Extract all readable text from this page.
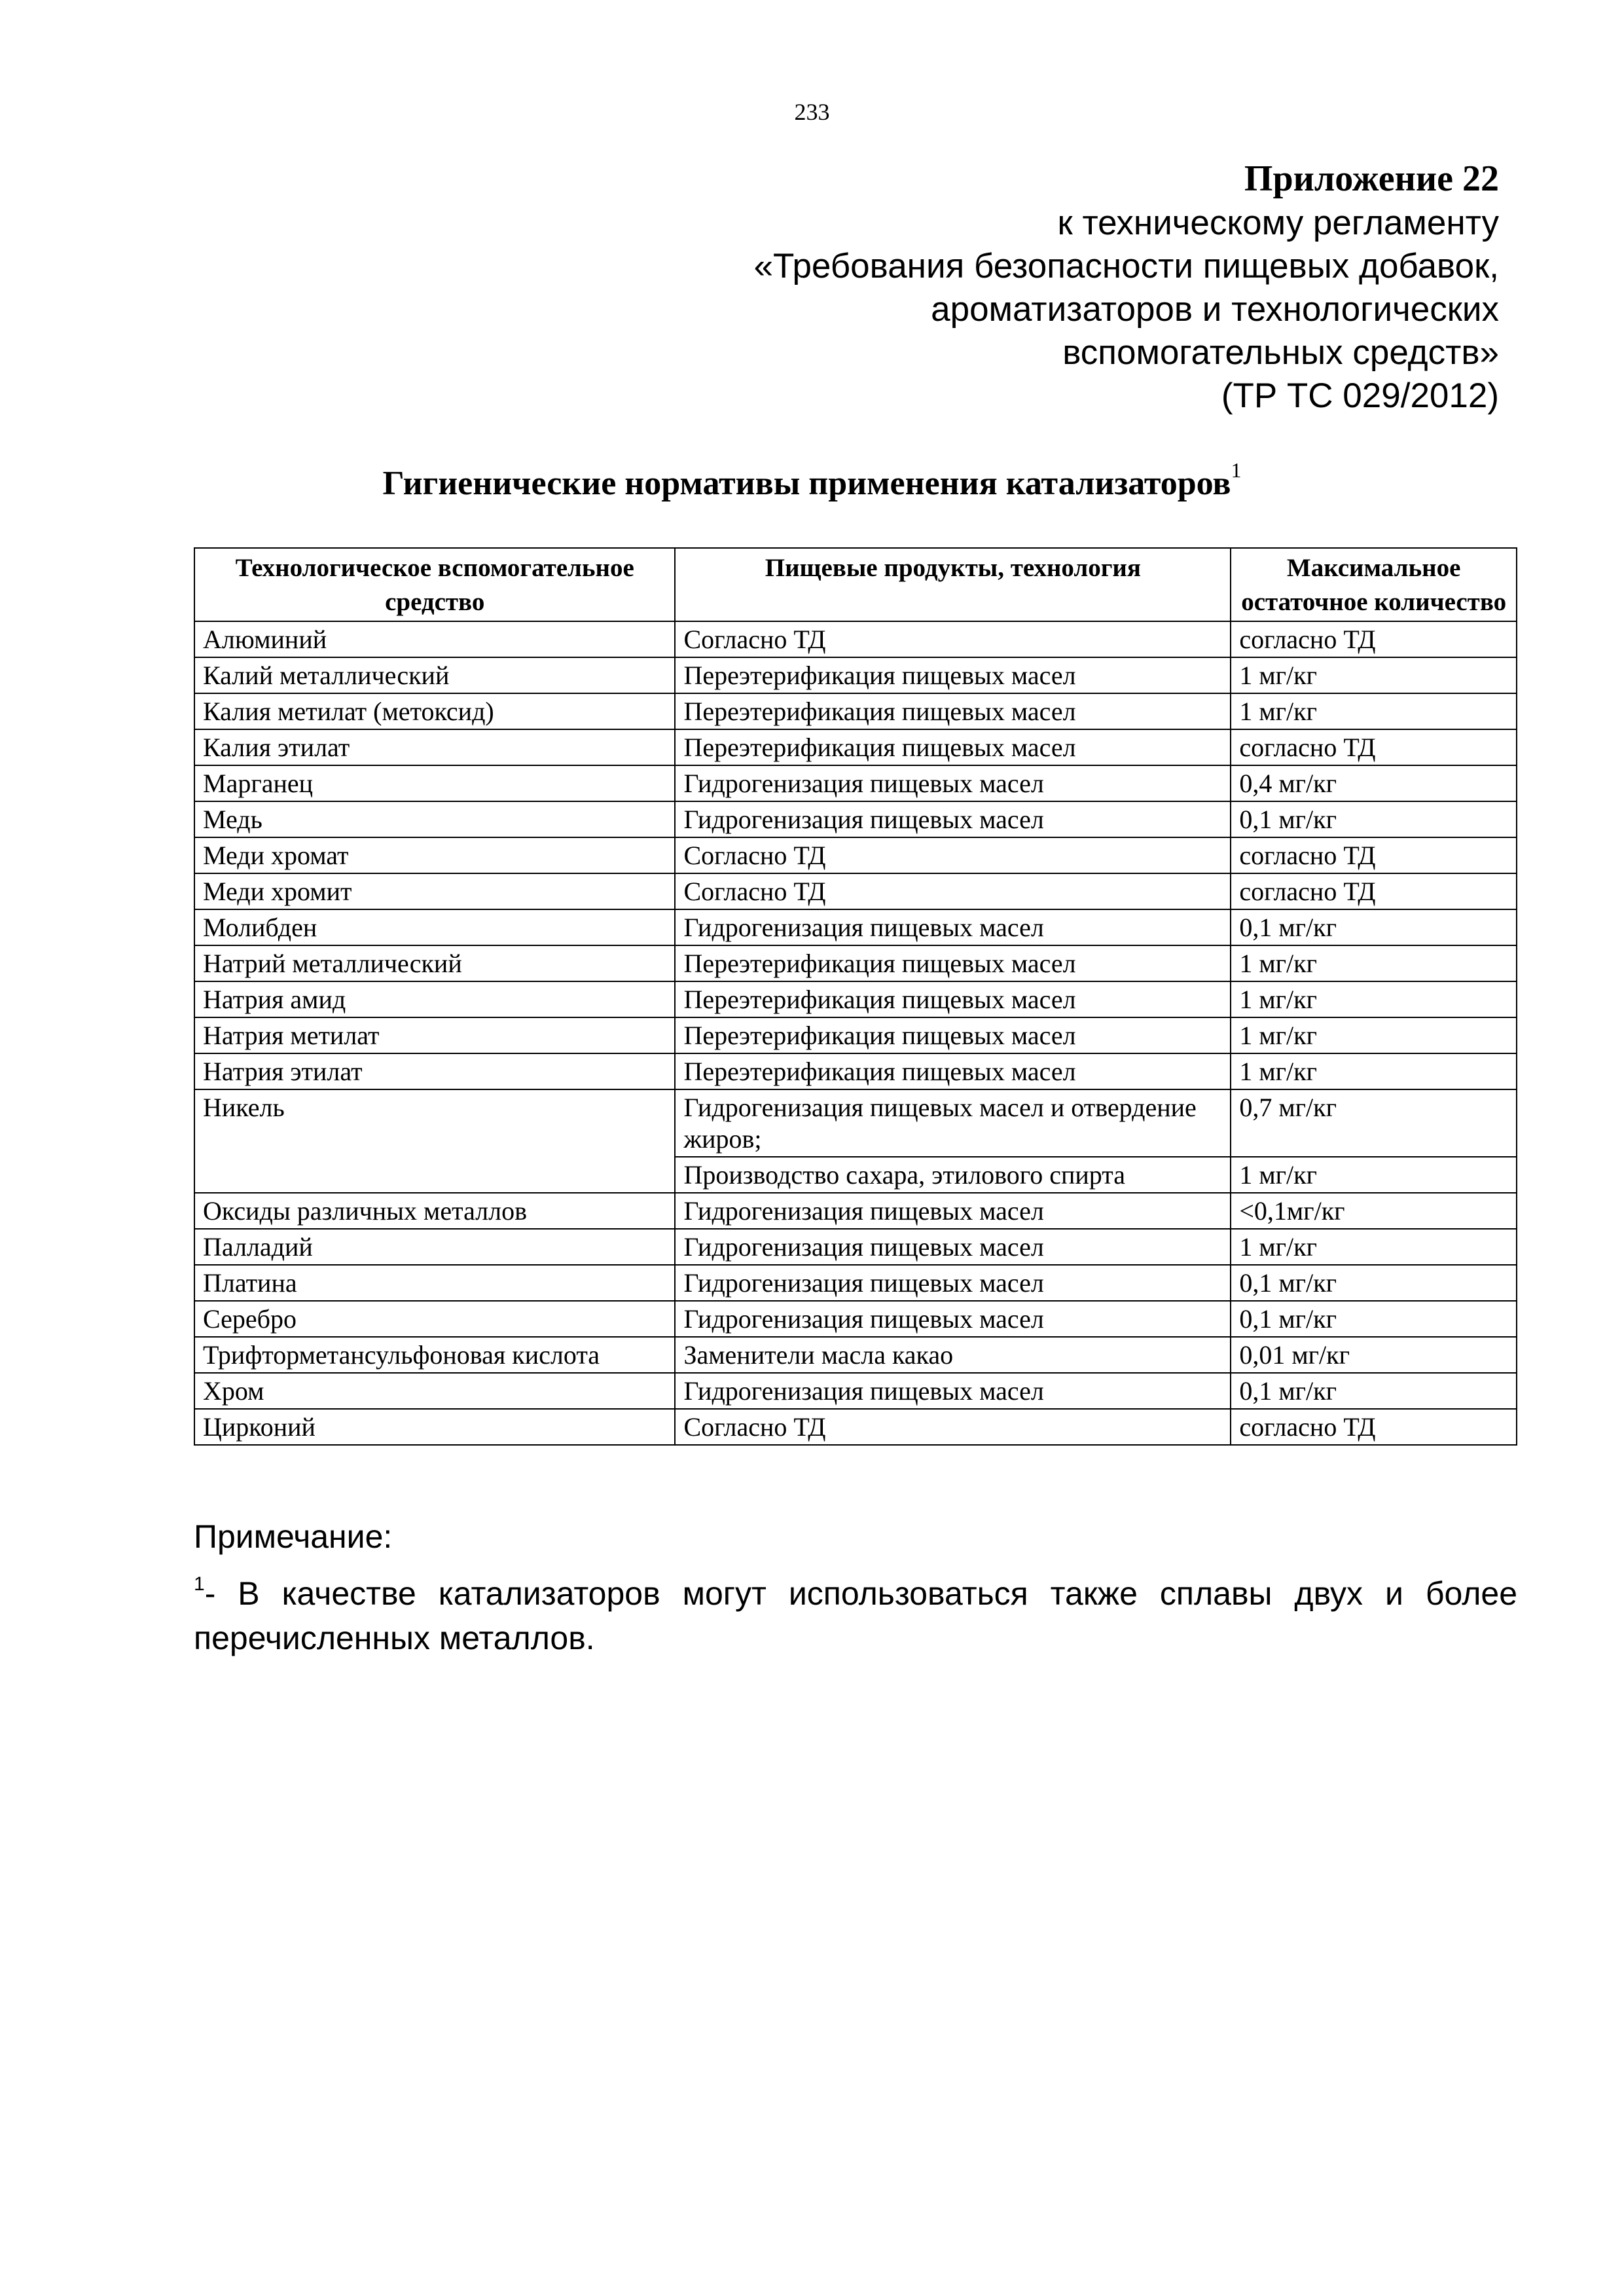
233
Приложение 22
к техническому регламенту
«Требования безопасности пищевых добавок,
ароматизаторов и технологических
вспомогательных средств»
(ТР ТС 029/2012)
Гигиенические нормативы применения катализаторов$^1$
Технологическое вспомогательное средство	Пищевые продукты, технология	Максимальное остаточное количество
Алюминий	Согласно ТД	согласно ТД
Калий металлический	Переэтерификация пищевых масел	1 мг/кг
Калия метилат (метоксид)	Переэтерификация пищевых масел	1 мг/кг
Калия этилат	Переэтерификация пищевых масел	согласно ТД
Марганец	Гидрогенизация пищевых масел	0,4 мг/кг
Медь	Гидрогенизация пищевых масел	0,1 мг/кг
Меди хромат	Согласно ТД	согласно ТД
Меди хромит	Согласно ТД	согласно ТД
Молибден	Гидрогенизация пищевых масел	0,1 мг/кг
Натрий металлический	Переэтерификация пищевых масел	1 мг/кг
Натрия амид	Переэтерификация пищевых масел	1 мг/кг
Натрия метилат	Переэтерификация пищевых масел	1 мг/кг
Натрия этилат	Переэтерификация пищевых масел	1 мг/кг
Никель	Гидрогенизация пищевых масел и отвердение жиров;	0,7 мг/кг
	Производство сахара, этилового спирта	1 мг/кг
Оксиды различных металлов	Гидрогенизация пищевых масел	<0,1мг/кг
Палладий	Гидрогенизация пищевых масел	1 мг/кг
Платина	Гидрогенизация пищевых масел	0,1 мг/кг
Серебро	Гидрогенизация пищевых масел	0,1 мг/кг
Трифторметансульфоновая кислота	Заменители масла какао	0,01 мг/кг
Хром	Гидрогенизация пищевых масел	0,1 мг/кг
Цирконий	Согласно ТД	согласно ТД
Примечание:
$^1$- В качестве катализаторов могут использоваться также сплавы двух и более перечисленных металлов.
